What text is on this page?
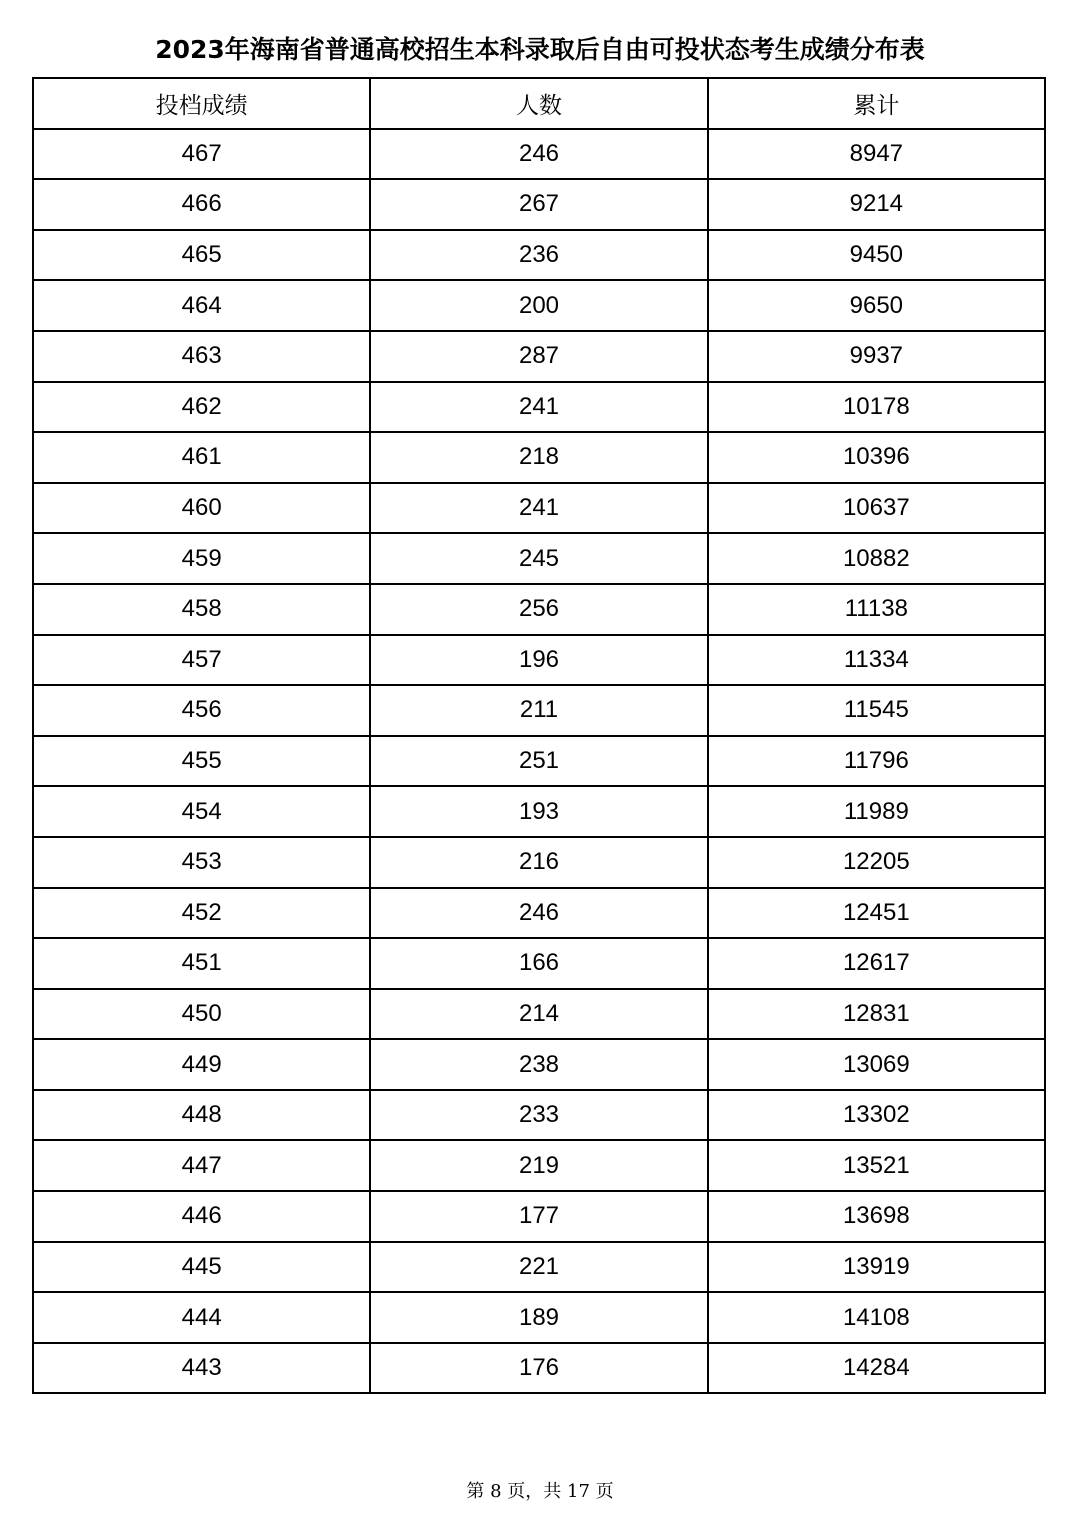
2023年海南省普通高校招生本科录取后自由可投状态考生成绩分布表
投档成绩	人数	累计
467	246	8947
466	267	9214
465	236	9450
464	200	9650
463	287	9937
462	241	10178
461	218	10396
460	241	10637
459	245	10882
458	256	11138
457	196	11334
456	211	11545
455	251	11796
454	193	11989
453	216	12205
452	246	12451
451	166	12617
450	214	12831
449	238	13069
448	233	13302
447	219	13521
446	177	13698
445	221	13919
444	189	14108
443	176	14284
第 8 页，共 17 页
